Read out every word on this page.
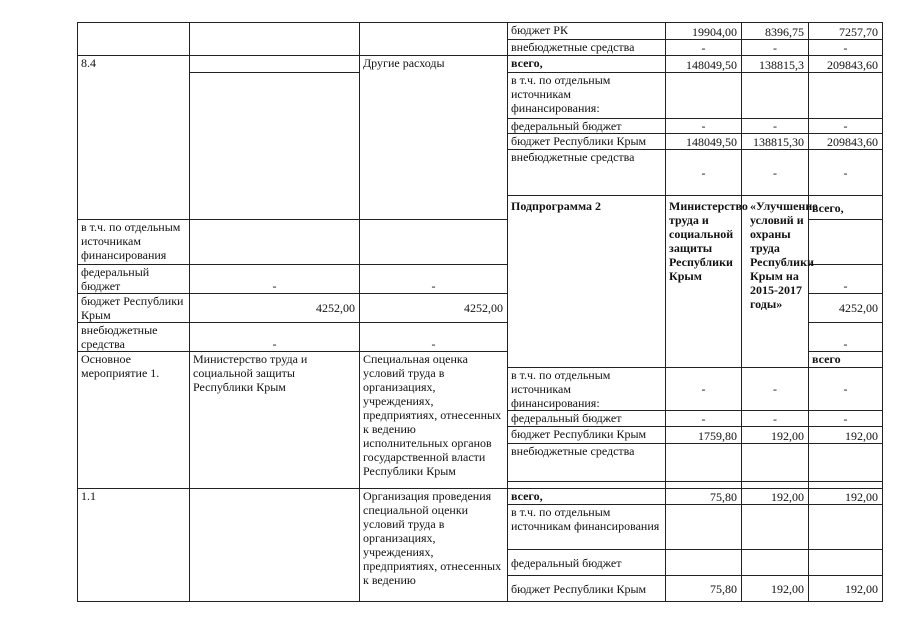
			бюджет РК	19904,00	8396,75	7257,70	
			внебюджетные средства	-	-	-	
8.4		Другие расходы	всего,	148049,50	138815,3	209843,60	
			в т.ч. по отдельным источникам финансирования:				
			федеральный бюджет	-	-	-	
			бюджет Республики Крым	148049,50	138815,30	209843,60	
			внебюджетные средства	-	-	-	
			Подпрограмма 2	Министерство труда и социальной защиты Республики Крым	«Улучшение условий и охраны труда Республики Крым на 2015-2017 годы»	всего,			
в т.ч. по отдельным источникам финансирования							
федеральный бюджет	-	-				-	
бюджет Республики Крым	4252,00	4252,00				4252,00	
внебюджетные средства	-	-				-	
Основное мероприятие 1.	Министерство труда и социальной защиты Республики Крым	Специальная оценка условий труда в организациях, учреждениях, предприятиях, отнесенных к ведению исполнительных органов государственной власти Республики Крым				всего			
			в т.ч. по отдельным источникам финансирования:	-	-	-	
			федеральный бюджет	-	-	-	
			бюджет Республики Крым	1759,80	192,00	192,00	
			внебюджетные средства				

1.1		Организация проведения специальной оценки условий труда в организациях, учреждениях, предприятиях, отнесенных к ведению	всего,	75,80	192,00	192,00	
			в т.ч. по отдельным источникам финансирования				
			федеральный бюджет				
			бюджет Республики Крым	75,80	192,00	192,00	
